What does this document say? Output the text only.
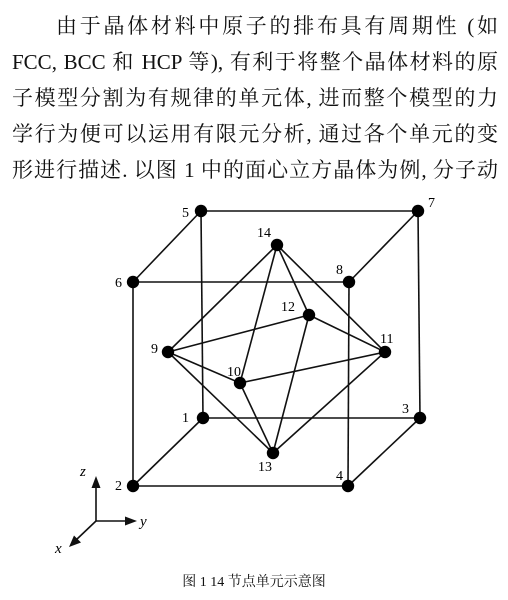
由于晶体材料中原子的排布具有周期性 (如
FCC, BCC 和 HCP 等), 有利于将整个晶体材料的原
子模型分割为有规律的单元体, 进而整个模型的力
学行为便可以运用有限元分析, 通过各个单元的变
形进行描述. 以图 1 中的面心立方晶体为例, 分子动
1
2
3
4
5
6
7
8
9
10
11
12
13
14
z
y
x
图 1 14 节点单元示意图
